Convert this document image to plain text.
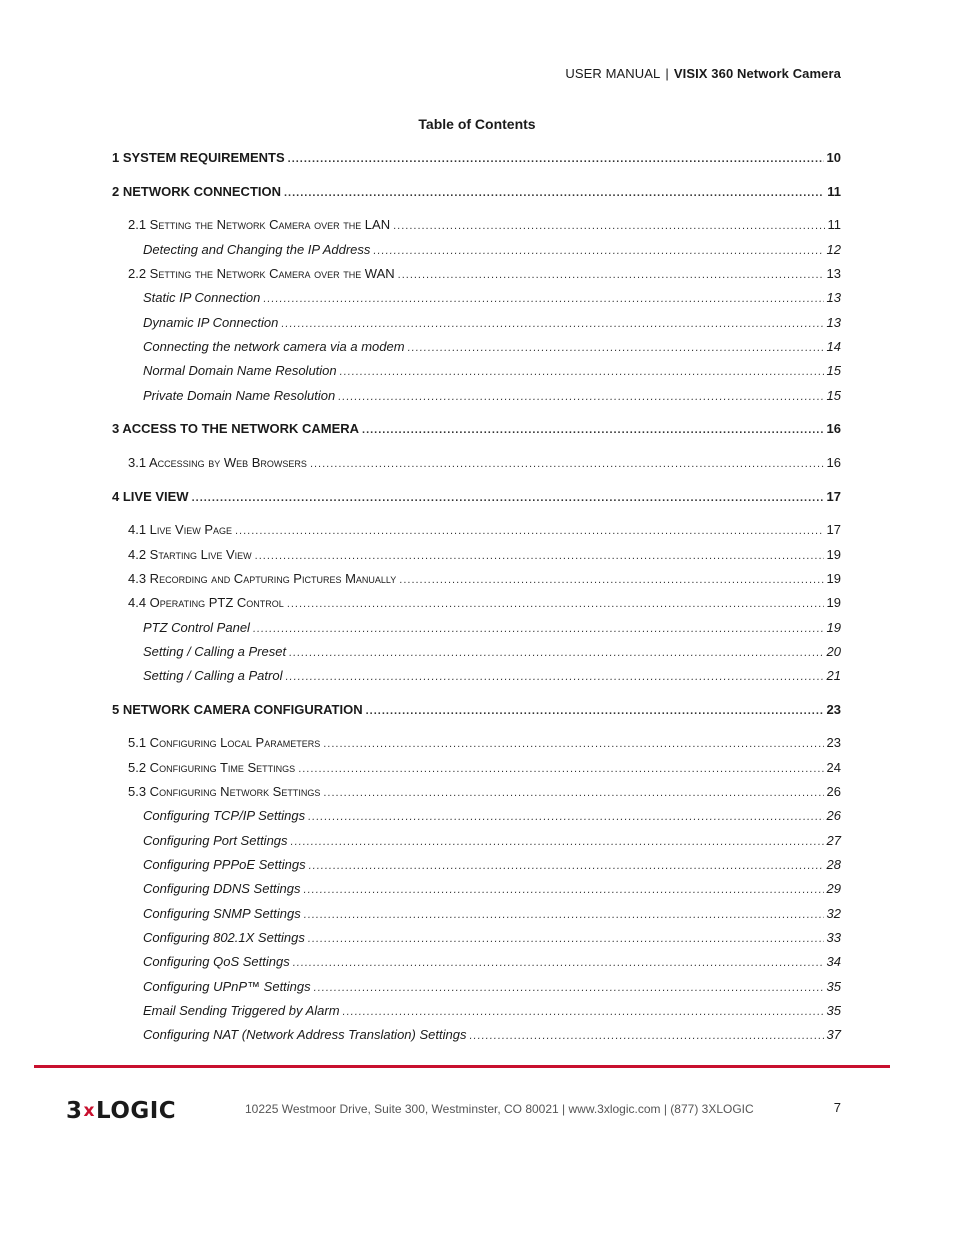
USER MANUAL | VISIX 360 Network Camera
Table of Contents
1 SYSTEM REQUIREMENTS .....	10
2 NETWORK CONNECTION .....	11
2.1 Setting the Network Camera over the LAN .....	11
Detecting and Changing the IP Address .....	12
2.2 Setting the Network Camera over the WAN .....	13
Static IP Connection .....	13
Dynamic IP Connection .....	13
Connecting the network camera via a modem .....	14
Normal Domain Name Resolution .....	15
Private Domain Name Resolution .....	15
3 ACCESS TO THE NETWORK CAMERA .....	16
3.1 Accessing by Web Browsers .....	16
4 LIVE VIEW .....	17
4.1 Live View Page .....	17
4.2 Starting Live View .....	19
4.3 Recording and Capturing Pictures Manually .....	19
4.4 Operating PTZ Control .....	19
PTZ Control Panel .....	19
Setting / Calling a Preset .....	20
Setting / Calling a Patrol .....	21
5 NETWORK CAMERA CONFIGURATION .....	23
5.1 Configuring Local Parameters .....	23
5.2 Configuring Time Settings .....	24
5.3 Configuring Network Settings .....	26
Configuring TCP/IP Settings .....	26
Configuring Port Settings .....	27
Configuring PPPoE Settings .....	28
Configuring DDNS Settings .....	29
Configuring SNMP Settings .....	32
Configuring 802.1X Settings .....	33
Configuring QoS Settings .....	34
Configuring UPnP™ Settings .....	35
Email Sending Triggered by Alarm .....	35
Configuring NAT (Network Address Translation) Settings .....	37
3 x LOGIC	10225 Westmoor Drive, Suite 300, Westminster, CO 80021 | www.3xlogic.com | (877) 3XLOGIC	7
